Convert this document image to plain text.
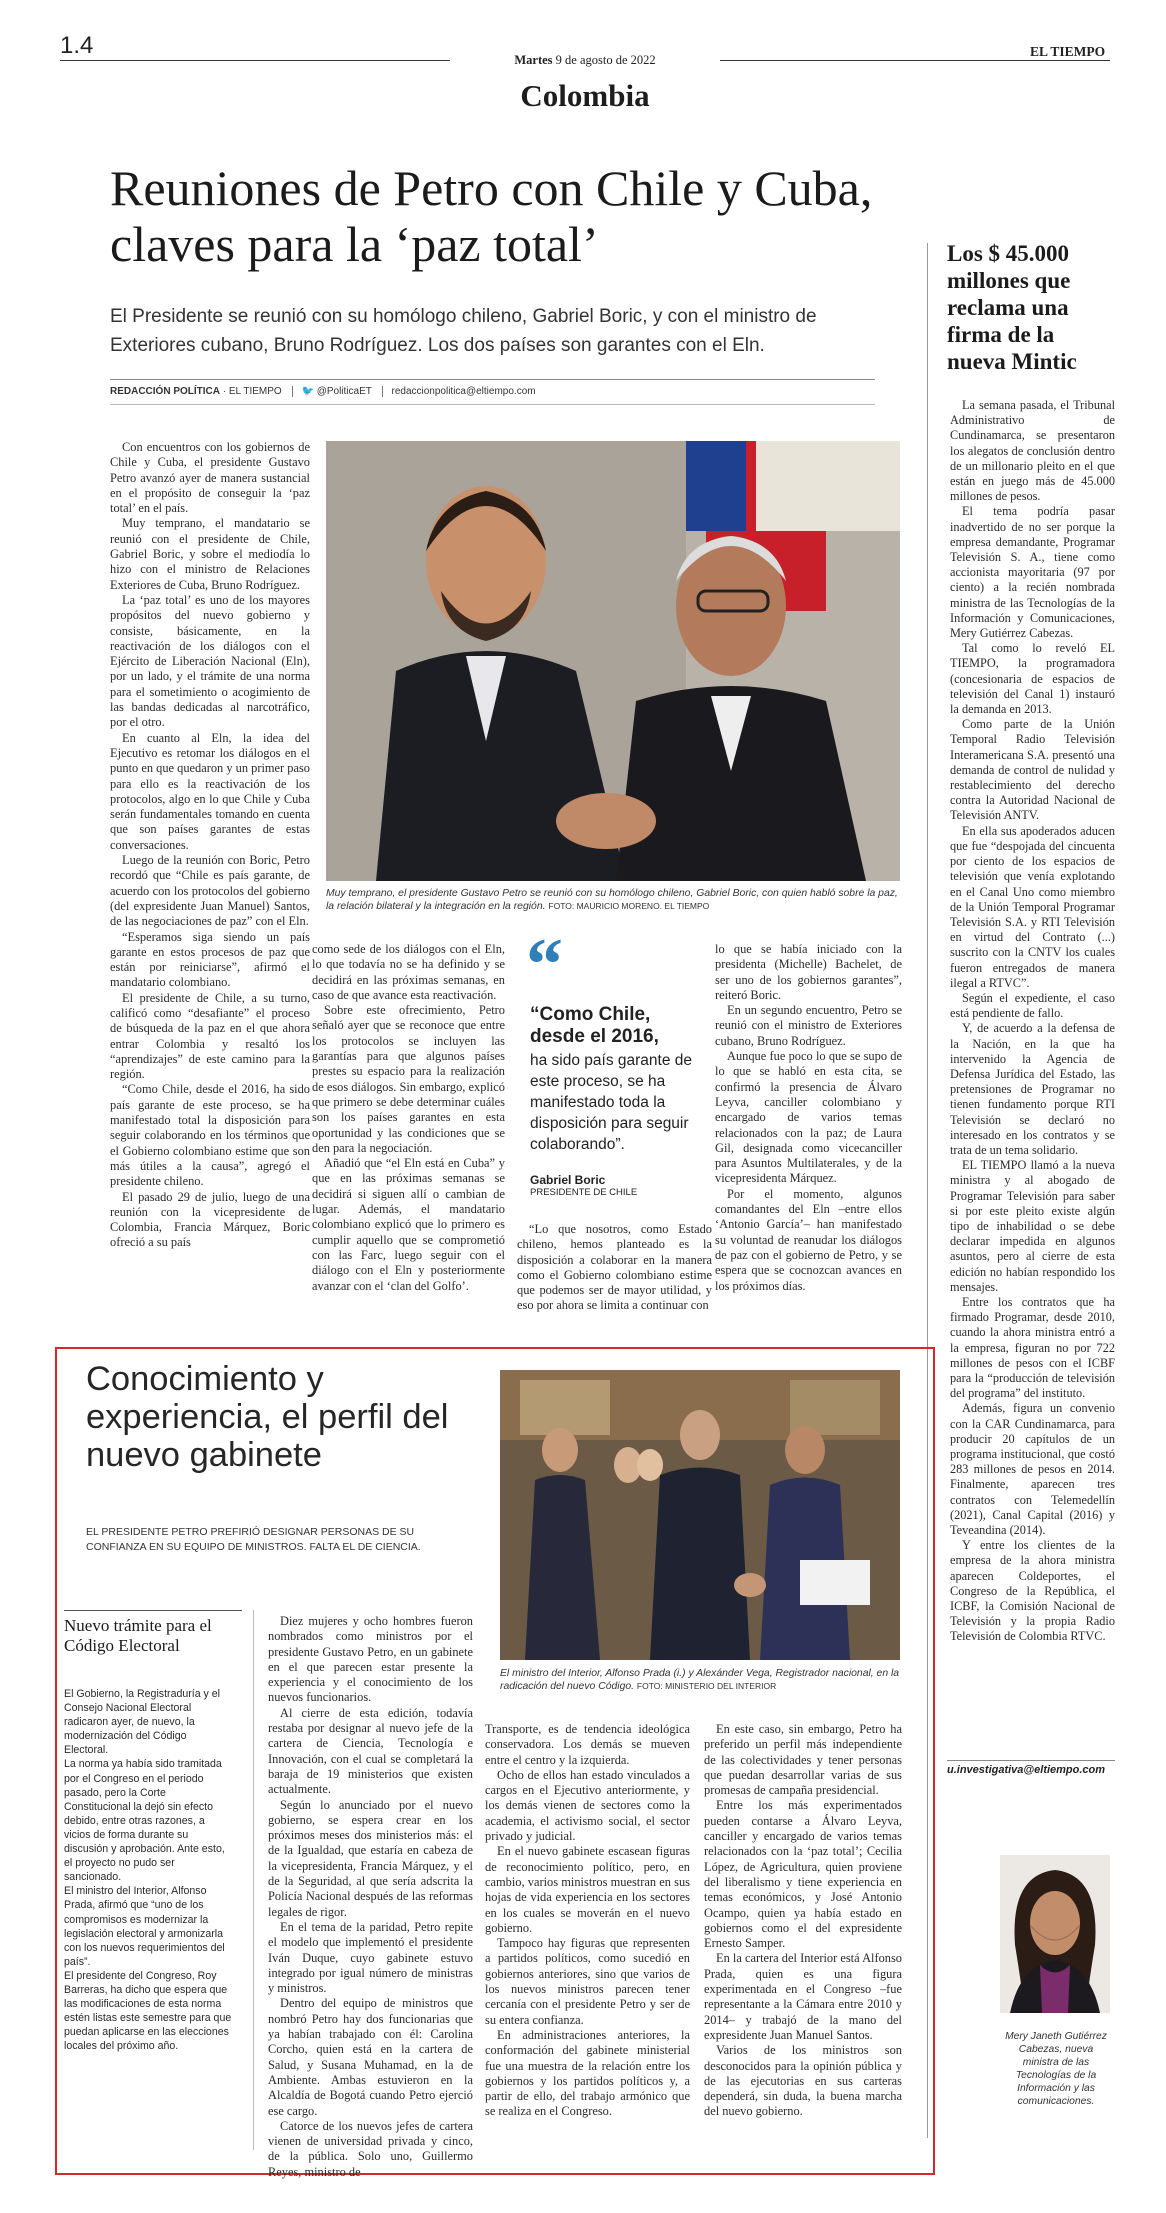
1.4
Martes 9 de agosto de 2022
EL TIEMPO
Colombia
Reuniones de Petro con Chile y Cuba, claves para la ‘paz total’
El Presidente se reunió con su homólogo chileno, Gabriel Boric, y con el ministro de Exteriores cubano, Bruno Rodríguez. Los dos países son garantes con el Eln.
REDACCIÓN POLÍTICA · EL TIEMPO 🐦 @PoliticaET redaccionpolitica@eltiempo.com

Con encuentros con los gobiernos de Chile y Cuba, el presidente Gustavo Petro avanzó ayer de manera sustancial en el propósito de conseguir la ‘paz total’ en el país.

Muy temprano, el mandatario se reunió con el presidente de Chile, Gabriel Boric, y sobre el mediodía lo hizo con el ministro de Relaciones Exteriores de Cuba, Bruno Rodríguez.

La ‘paz total’ es uno de los mayores propósitos del nuevo gobierno y consiste, básicamente, en la reactivación de los diálogos con el Ejército de Liberación Nacional (Eln), por un lado, y el trámite de una norma para el sometimiento o acogimiento de las bandas dedicadas al narcotráfico, por el otro.

En cuanto al Eln, la idea del Ejecutivo es retomar los diálogos en el punto en que quedaron y un primer paso para ello es la reactivación de los protocolos, algo en lo que Chile y Cuba serán fundamentales tomando en cuenta que son países garantes de estas conversaciones.

Luego de la reunión con Boric, Petro recordó que “Chile es país garante, de acuerdo con los protocolos del gobierno (del expresidente Juan Manuel) Santos, de las negociaciones de paz” con el Eln.

“Esperamos siga siendo un país garante en estos procesos de paz que están por reiniciarse”, afirmó el mandatario colombiano.

El presidente de Chile, a su turno, calificó como “desafiante” el proceso de búsqueda de la paz en el que ahora entrar Colombia y resaltó los “aprendizajes” de este camino para la región.

“Como Chile, desde el 2016, ha sido país garante de este proceso, se ha manifestado total la disposición para seguir colaborando en los términos que el Gobierno colombiano estime que son más útiles a la causa”, agregó el presidente chileno.

El pasado 29 de julio, luego de una reunión con la vicepresidente de Colombia, Francia Márquez, Boric ofreció a su país

Muy temprano, el presidente Gustavo Petro se reunió con su homólogo chileno, Gabriel Boric, con quien habló sobre la paz, la relación bilateral y la integración en la región. FOTO: MAURICIO MORENO. EL TIEMPO

como sede de los diálogos con el Eln, lo que todavía no se ha definido y se decidirá en las próximas semanas, en caso de que avance esta reactivación.

Sobre este ofrecimiento, Petro señaló ayer que se reconoce que entre los protocolos se incluyen las garantías para que algunos países prestes su espacio para la realización de esos diálogos. Sin embargo, explicó que primero se debe determinar cuáles son los países garantes en esta oportunidad y las condiciones que se den para la negociación.

Añadió que “el Eln está en Cuba” y que en las próximas semanas se decidirá si siguen allí o cambian de lugar. Además, el mandatario colombiano explicó que lo primero es cumplir aquello que se comprometió con las Farc, luego seguir con el diálogo con el Eln y posteriormente avanzar con el ‘clan del Golfo’.

“
“Como Chile, desde el 2016,
ha sido país garante de este proceso, se ha manifestado toda la disposición para seguir colaborando”.
Gabriel Boric
PRESIDENTE DE CHILE

“Lo que nosotros, como Estado chileno, hemos planteado es la disposición a colaborar en la manera como el Gobierno colombiano estime que podemos ser de mayor utilidad, y eso por ahora se limita a continuar con

lo que se había iniciado con la presidenta (Michelle) Bachelet, de ser uno de los gobiernos garantes”, reiteró Boric.

En un segundo encuentro, Petro se reunió con el ministro de Exteriores cubano, Bruno Rodríguez.

Aunque fue poco lo que se supo de lo que se habló en esta cita, se confirmó la presencia de Álvaro Leyva, canciller colombiano y encargado de varios temas relacionados con la paz; de Laura Gil, designada como vicecanciller para Asuntos Multilaterales, y de la vicepresidenta Márquez.

Por el momento, algunos comandantes del Eln –entre ellos ‘Antonio García’– han manifestado su voluntad de reanudar los diálogos de paz con el gobierno de Petro, y se espera que se cocnozcan avances en los próximos días.

Los $ 45.000 millones que reclama una firma de la nueva Mintic

La semana pasada, el Tribunal Administrativo de Cundinamarca, se presentaron los alegatos de conclusión dentro de un millonario pleito en el que están en juego más de 45.000 millones de pesos.

El tema podría pasar inadvertido de no ser porque la empresa demandante, Programar Televisión S. A., tiene como accionista mayoritaria (97 por ciento) a la recién nombrada ministra de las Tecnologías de la Información y Comunicaciones, Mery Gutiérrez Cabezas.

Tal como lo reveló EL TIEMPO, la programadora (concesionaria de espacios de televisión del Canal 1) instauró la demanda en 2013.

Como parte de la Unión Temporal Radio Televisión Interamericana S.A. presentó una demanda de control de nulidad y restablecimiento del derecho contra la Autoridad Nacional de Televisión ANTV.

En ella sus apoderados aducen que fue “despojada del cincuenta por ciento de los espacios de televisión que venía explotando en el Canal Uno como miembro de la Unión Temporal Programar Televisión S.A. y RTI Televisión en virtud del Contrato (...) suscrito con la CNTV los cuales fueron entregados de manera ilegal a RTVC”.

Según el expediente, el caso está pendiente de fallo.

Y, de acuerdo a la defensa de la Nación, en la que ha intervenido la Agencia de Defensa Jurídica del Estado, las pretensiones de Programar no tienen fundamento porque RTI Televisión se declaró no interesado en los contratos y se trata de un tema solidario.

EL TIEMPO llamó a la nueva ministra y al abogado de Programar Televisión para saber si por este pleito existe algún tipo de inhabilidad o se debe declarar impedida en algunos asuntos, pero al cierre de esta edición no habían respondido los mensajes.

Entre los contratos que ha firmado Programar, desde 2010, cuando la ahora ministra entró a la empresa, figuran no por 722 millones de pesos con el ICBF para la “producción de televisión del programa” del instituto.

Además, figura un convenio con la CAR Cundinamarca, para producir 20 capítulos de un programa institucional, que costó 283 millones de pesos en 2014. Finalmente, aparecen tres contratos con Telemedellín (2021), Canal Capital (2016) y Teveandina (2014).

Y entre los clientes de la empresa de la ahora ministra aparecen Coldeportes, el Congreso de la República, el ICBF, la Comisión Nacional de Televisión y la propia Radio Televisión de Colombia RTVC.

u.investigativa@eltiempo.com
Mery Janeth Gutiérrez Cabezas, nueva ministra de las Tecnologías de la Información y las comunicaciones.
Conocimiento y experiencia, el perfil del nuevo gabinete
EL PRESIDENTE PETRO PREFIRIÓ DESIGNAR PERSONAS DE SU CONFIANZA EN SU EQUIPO DE MINISTROS. FALTA EL DE CIENCIA.
El ministro del Interior, Alfonso Prada (i.) y Alexánder Vega, Registrador nacional, en la radicación del nuevo Código. FOTO: MINISTERIO DEL INTERIOR
Nuevo trámite para el Código Electoral

El Gobierno, la Registraduría y el Consejo Nacional Electoral radicaron ayer, de nuevo, la modernización del Código Electoral.

La norma ya había sido tramitada por el Congreso en el periodo pasado, pero la Corte Constitucional la dejó sin efecto debido, entre otras razones, a vicios de forma durante su discusión y aprobación. Ante esto, el proyecto no pudo ser sancionado.

El ministro del Interior, Alfonso Prada, afirmó que “uno de los compromisos es modernizar la legislación electoral y armonizarla con los nuevos requerimientos del país”.

El presidente del Congreso, Roy Barreras, ha dicho que espera que las modificaciones de esta norma estén listas este semestre para que puedan aplicarse en las elecciones locales del próximo año.

Diez mujeres y ocho hombres fueron nombrados como ministros por el presidente Gustavo Petro, en un gabinete en el que parecen estar presente la experiencia y el conocimiento de los nuevos funcionarios.

Al cierre de esta edición, todavía restaba por designar al nuevo jefe de la cartera de Ciencia, Tecnología e Innovación, con el cual se completará la baraja de 19 ministerios que existen actualmente.

Según lo anunciado por el nuevo gobierno, se espera crear en los próximos meses dos ministerios más: el de la Igualdad, que estaría en cabeza de la vicepresidenta, Francia Márquez, y el de la Seguridad, al que sería adscrita la Policía Nacional después de las reformas legales de rigor.

En el tema de la paridad, Petro repite el modelo que implementó el presidente Iván Duque, cuyo gabinete estuvo integrado por igual número de ministras y ministros.

Dentro del equipo de ministros que nombró Petro hay dos funcionarias que ya habían trabajado con él: Carolina Corcho, quien está en la cartera de Salud, y Susana Muhamad, en la de Ambiente. Ambas estuvieron en la Alcaldía de Bogotá cuando Petro ejerció ese cargo.

Catorce de los nuevos jefes de cartera vienen de universidad privada y cinco, de la pública. Solo uno, Guillermo Reyes, ministro de

Transporte, es de tendencia ideológica conservadora. Los demás se mueven entre el centro y la izquierda.

Ocho de ellos han estado vinculados a cargos en el Ejecutivo anteriormente, y los demás vienen de sectores como la academia, el activismo social, el sector privado y judicial.

En el nuevo gabinete escasean figuras de reconocimiento político, pero, en cambio, varios ministros muestran en sus hojas de vida experiencia en los sectores en los cuales se moverán en el nuevo gobierno.

Tampoco hay figuras que representen a partidos políticos, como sucedió en gobiernos anteriores, sino que varios de los nuevos ministros parecen tener cercanía con el presidente Petro y ser de su entera confianza.

En administraciones anteriores, la conformación del gabinete ministerial fue una muestra de la relación entre los gobiernos y los partidos políticos y, a partir de ello, del trabajo armónico que se realiza en el Congreso.

En este caso, sin embargo, Petro ha preferido un perfil más independiente de las colectividades y tener personas que puedan desarrollar varias de sus promesas de campaña presidencial.

Entre los más experimentados pueden contarse a Álvaro Leyva, canciller y encargado de varios temas relacionados con la ‘paz total’; Cecilia López, de Agricultura, quien proviene del liberalismo y tiene experiencia en temas económicos, y José Antonio Ocampo, quien ya había estado en gobiernos como el del expresidente Ernesto Samper.

En la cartera del Interior está Alfonso Prada, quien es una figura experimentada en el Congreso –fue representante a la Cámara entre 2010 y 2014– y trabajó de la mano del expresidente Juan Manuel Santos.

Varios de los ministros son desconocidos para la opinión pública y de las ejecutorias en sus carteras dependerá, sin duda, la buena marcha del nuevo gobierno.
